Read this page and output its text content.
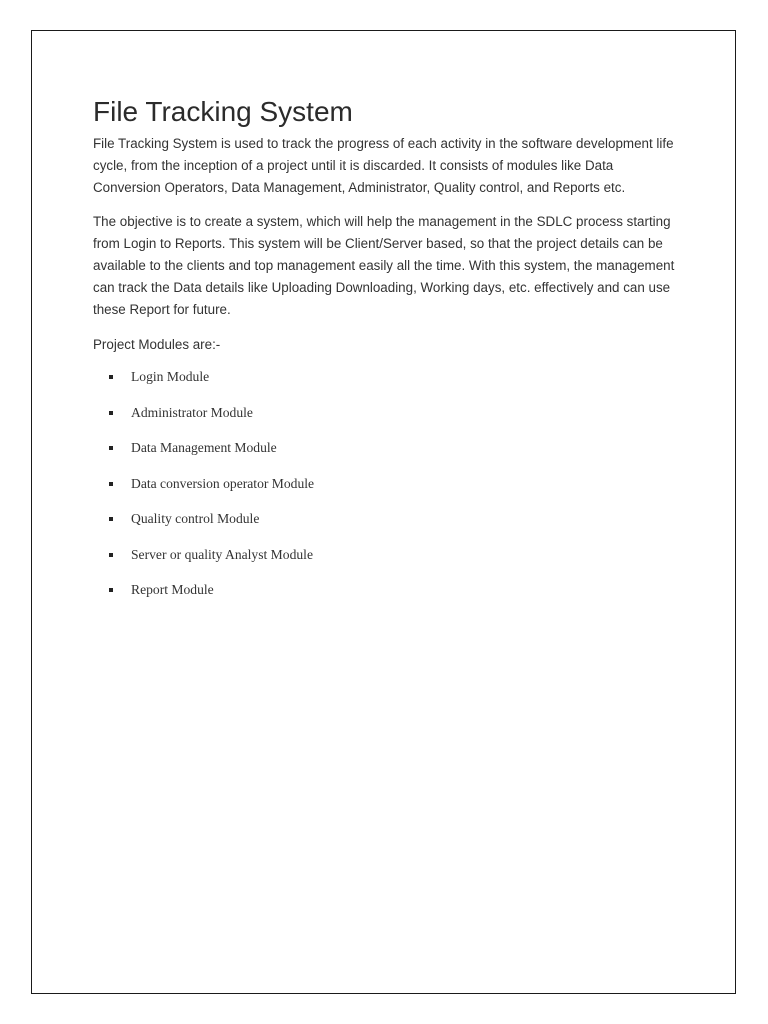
File Tracking System

File Tracking System is used to track the progress of each activity in the software development life cycle, from the inception of a project until it is discarded. It consists of modules like Data Conversion Operators, Data Management, Administrator, Quality control, and Reports etc.

The objective is to create a system, which will help the management in the SDLC process starting from Login to Reports. This system will be Client/Server based, so that the project details can be available to the clients and top management easily all the time. With this system, the management can track the Data details like Uploading Downloading, Working days, etc. effectively and can use these Report for future.

Project Modules are:-

Login Module
Administrator Module
Data Management Module
Data conversion operator Module
Quality control Module
Server or quality Analyst Module
Report Module
